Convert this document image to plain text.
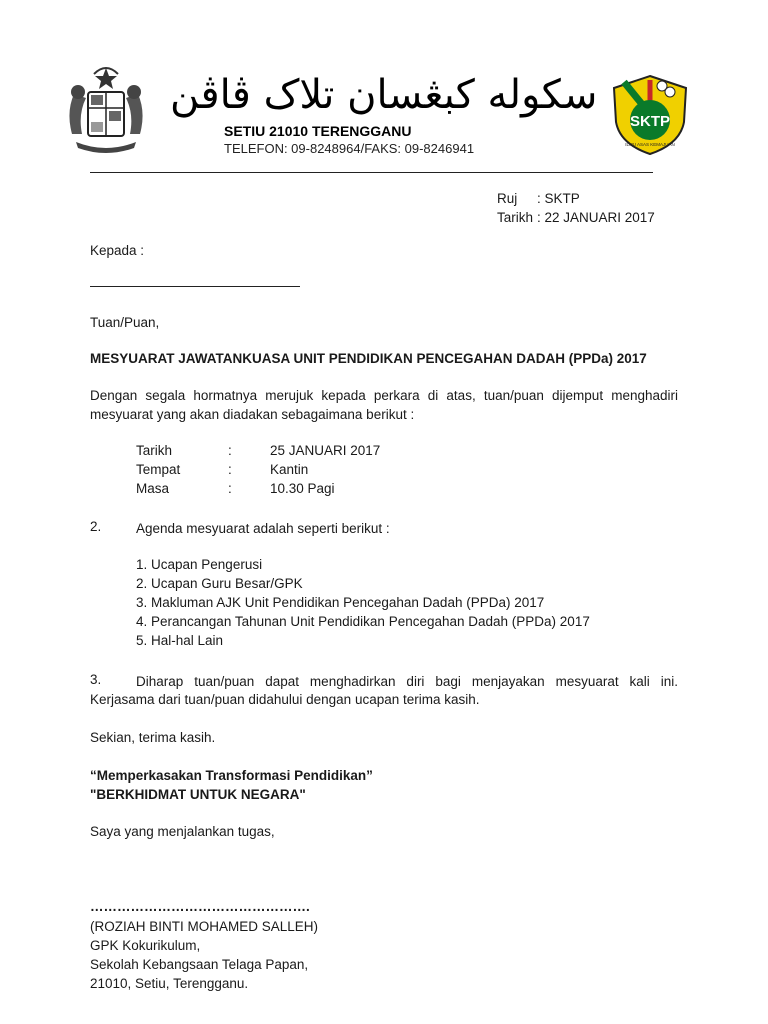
سکوله کبڠسان تلاک ڤاڤن
SETIU 21010 TERENGGANU
TELEFON: 09-8248964/FAKS: 09-8246941
SKTP
ILMU ASAS KEMAJUAN
Ruj : SKTP
Tarikh : 22 JANUARI 2017
Kepada :
Tuan/Puan,
MESYUARAT JAWATANKUASA UNIT PENDIDIKAN PENCEGAHAN DADAH (PPDa) 2017
Dengan segala hormatnya merujuk kepada perkara di atas, tuan/puan dijemput menghadiri
mesyuarat yang akan diadakan sebagaimana berikut :
Tarikh	:	25 JANUARI 2017
Tempat	:	Kantin
Masa	:	10.30 Pagi
2.	Agenda mesyuarat adalah seperti berikut :
1. Ucapan Pengerusi
2. Ucapan Guru Besar/GPK
3. Makluman AJK Unit Pendidikan Pencegahan Dadah (PPDa) 2017
4. Perancangan Tahunan Unit Pendidikan Pencegahan Dadah (PPDa) 2017
5. Hal-hal Lain
3.	Diharap tuan/puan dapat menghadirkan diri bagi menjayakan mesyuarat kali ini.
Kerjasama dari tuan/puan didahului dengan ucapan terima kasih.
Sekian, terima kasih.
“Memperkasakan Transformasi Pendidikan”
"BERKHIDMAT UNTUK NEGARA"
Saya yang menjalankan tugas,
………………………………………….
(ROZIAH BINTI MOHAMED SALLEH)
GPK Kokurikulum,
Sekolah Kebangsaan Telaga Papan,
21010, Setiu, Terengganu.
